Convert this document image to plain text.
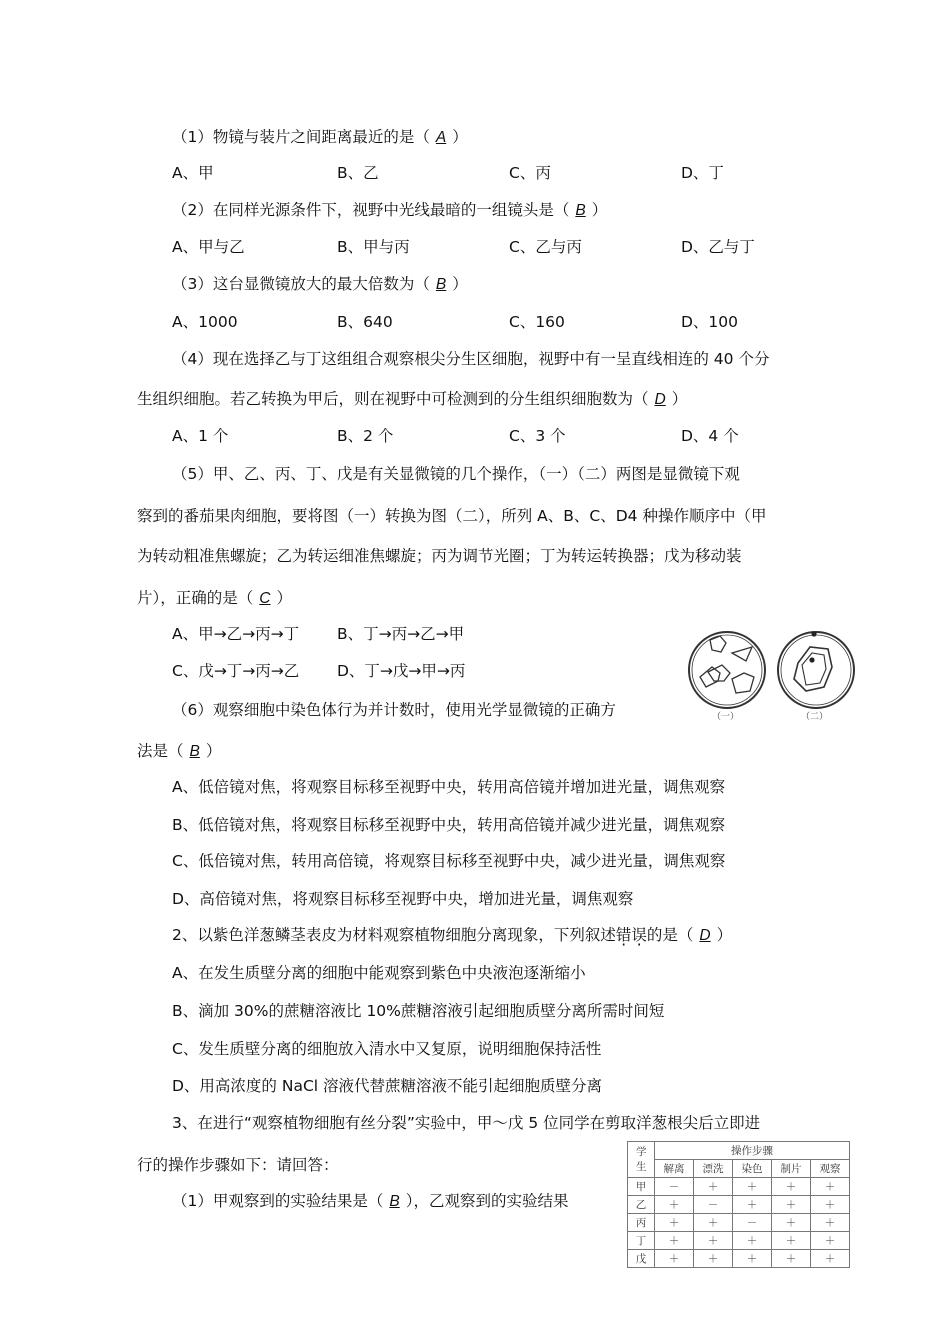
（1）物镜与装片之间距离最近的是（ A ）
A、甲	B、乙	C、丙	D、丁
（2）在同样光源条件下，视野中光线最暗的一组镜头是（ B ）
A、甲与乙	B、甲与丙	C、乙与丙	D、乙与丁
（3）这台显微镜放大的最大倍数为（ B ）
A、1000	B、640	C、160	D、100
（4）现在选择乙与丁这组组合观察根尖分生区细胞，视野中有一呈直线相连的 40 个分
生组织细胞。若乙转换为甲后，则在视野中可检测到的分生组织细胞数为（ D ）
A、1 个	B、2 个	C、3 个	D、4 个
（5）甲、乙、丙、丁、戊是有关显微镜的几个操作，（一）（二）两图是显微镜下观
察到的番茄果肉细胞，要将图（一）转换为图（二），所列 A、B、C、D4 种操作顺序中（甲
为转动粗准焦螺旋；乙为转运细准焦螺旋；丙为调节光圈；丁为转运转换器；戊为移动装
片），正确的是（ C ）
A、甲→乙→丙→丁 B、丁→丙→乙→甲
C、戊→丁→丙→乙 D、丁→戊→甲→丙
（一）	（二）
（6）观察细胞中染色体行为并计数时，使用光学显微镜的正确方
法是（ B ）
A、低倍镜对焦，将观察目标移至视野中央，转用高倍镜并增加进光量，调焦观察
B、低倍镜对焦，将观察目标移至视野中央，转用高倍镜并减少进光量，调焦观察
C、低倍镜对焦，转用高倍镜，将观察目标移至视野中央，减少进光量，调焦观察
D、高倍镜对焦，将观察目标移至视野中央，增加进光量，调焦观察
2、以紫色洋葱鳞茎表皮为材料观察植物细胞分离现象，下列叙述错误的是（ D ）
A、在发生质壁分离的细胞中能观察到紫色中央液泡逐渐缩小
B、滴加 30%的蔗糖溶液比 10%蔗糖溶液引起细胞质壁分离所需时间短
C、发生质壁分离的细胞放入清水中又复原，说明细胞保持活性
D、用高浓度的 NaCl 溶液代替蔗糖溶液不能引起细胞质壁分离
3、在进行“观察植物细胞有丝分裂”实验中，甲～戊 5 位同学在剪取洋葱根尖后立即进
行的操作步骤如下：请回答：
（1）甲观察到的实验结果是（ B ），乙观察到的实验结果
学生	操作步骤				
	解离	漂洗	染色	制片	观察
甲	－	＋	＋	＋	＋
乙	＋	－	＋	＋	＋
丙	＋	＋	－	＋	＋
丁	＋	＋	＋	＋	＋
戊	＋	＋	＋	＋	＋
